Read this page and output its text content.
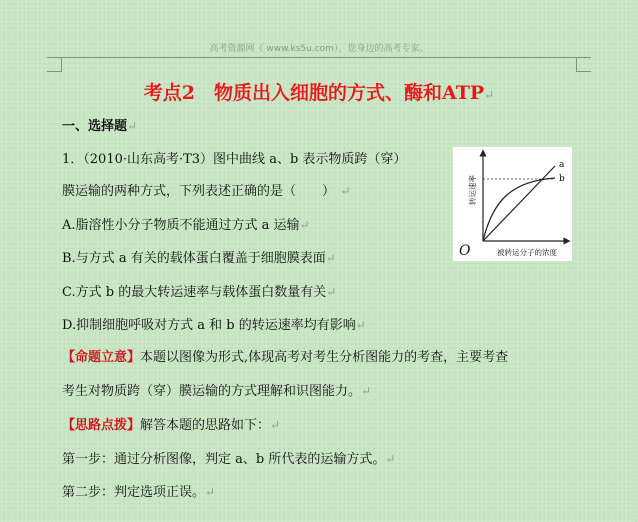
高考资源网（ www.ks5u.com），您身边的高考专家。
考点2　物质出入细胞的方式、酶和ATP↵
一、选择题↵
1．（2010·山东高考·T3）图中曲线 a、b 表示物质跨（穿）
膜运输的两种方式，下列表述正确的是（　　）　↵
A.脂溶性小分子物质不能通过方式 a 运输↵
B.与方式 a 有关的载体蛋白覆盖于细胞膜表面↵
C.方式 b 的最大转运速率与载体蛋白数量有关↵
D.抑制细胞呼吸对方式 a 和 b 的转运速率均有影响↵
【命题立意】本题以图像为形式,体现高考对考生分析图能力的考查，主要考查
考生对物质跨（穿）膜运输的方式理解和识图能力。↵
【思路点拨】解答本题的思路如下：↵
第一步：通过分析图像，判定 a、b 所代表的运输方式。↵
第二步：判定选项正误。↵
a
b
O	被转运分子的浓度
转运速率
